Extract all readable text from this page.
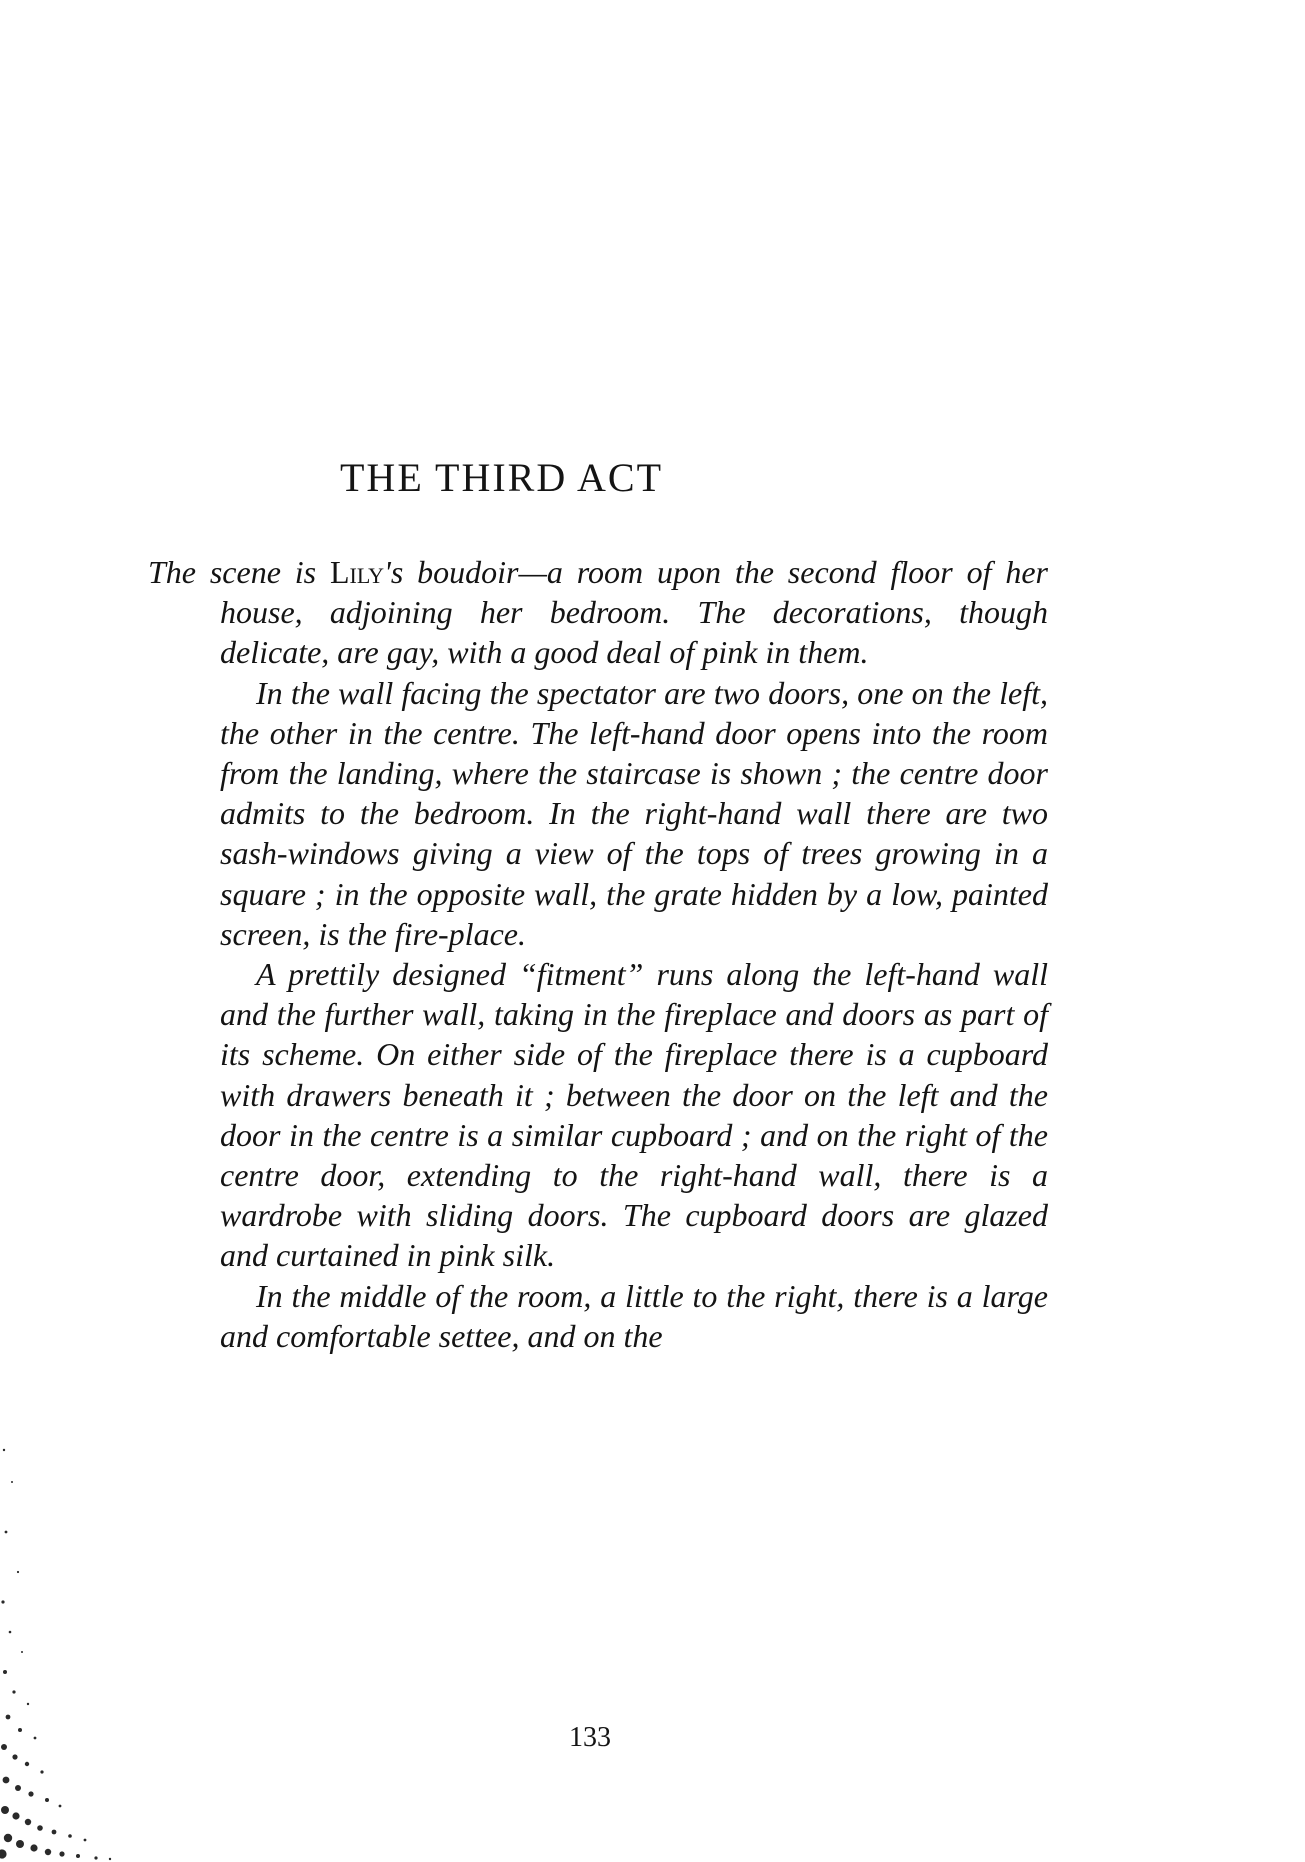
THE THIRD ACT

The scene is Lily's boudoir—a room upon the second floor of her house, adjoining her bedroom. The decorations, though delicate, are gay, with a good deal of pink in them.

In the wall facing the spectator are two doors, one on the left, the other in the centre. The left-hand door opens into the room from the landing, where the staircase is shown ; the centre door admits to the bedroom. In the right-hand wall there are two sash-windows giving a view of the tops of trees growing in a square ; in the opposite wall, the grate hidden by a low, painted screen, is the fire-place.

A prettily designed “fitment” runs along the left-hand wall and the further wall, taking in the fireplace and doors as part of its scheme. On either side of the fireplace there is a cupboard with drawers beneath it ; between the door on the left and the door in the centre is a similar cupboard ; and on the right of the centre door, extending to the right-hand wall, there is a wardrobe with sliding doors. The cupboard doors are glazed and curtained in pink silk.

In the middle of the room, a little to the right, there is a large and comfortable settee, and on the

133
